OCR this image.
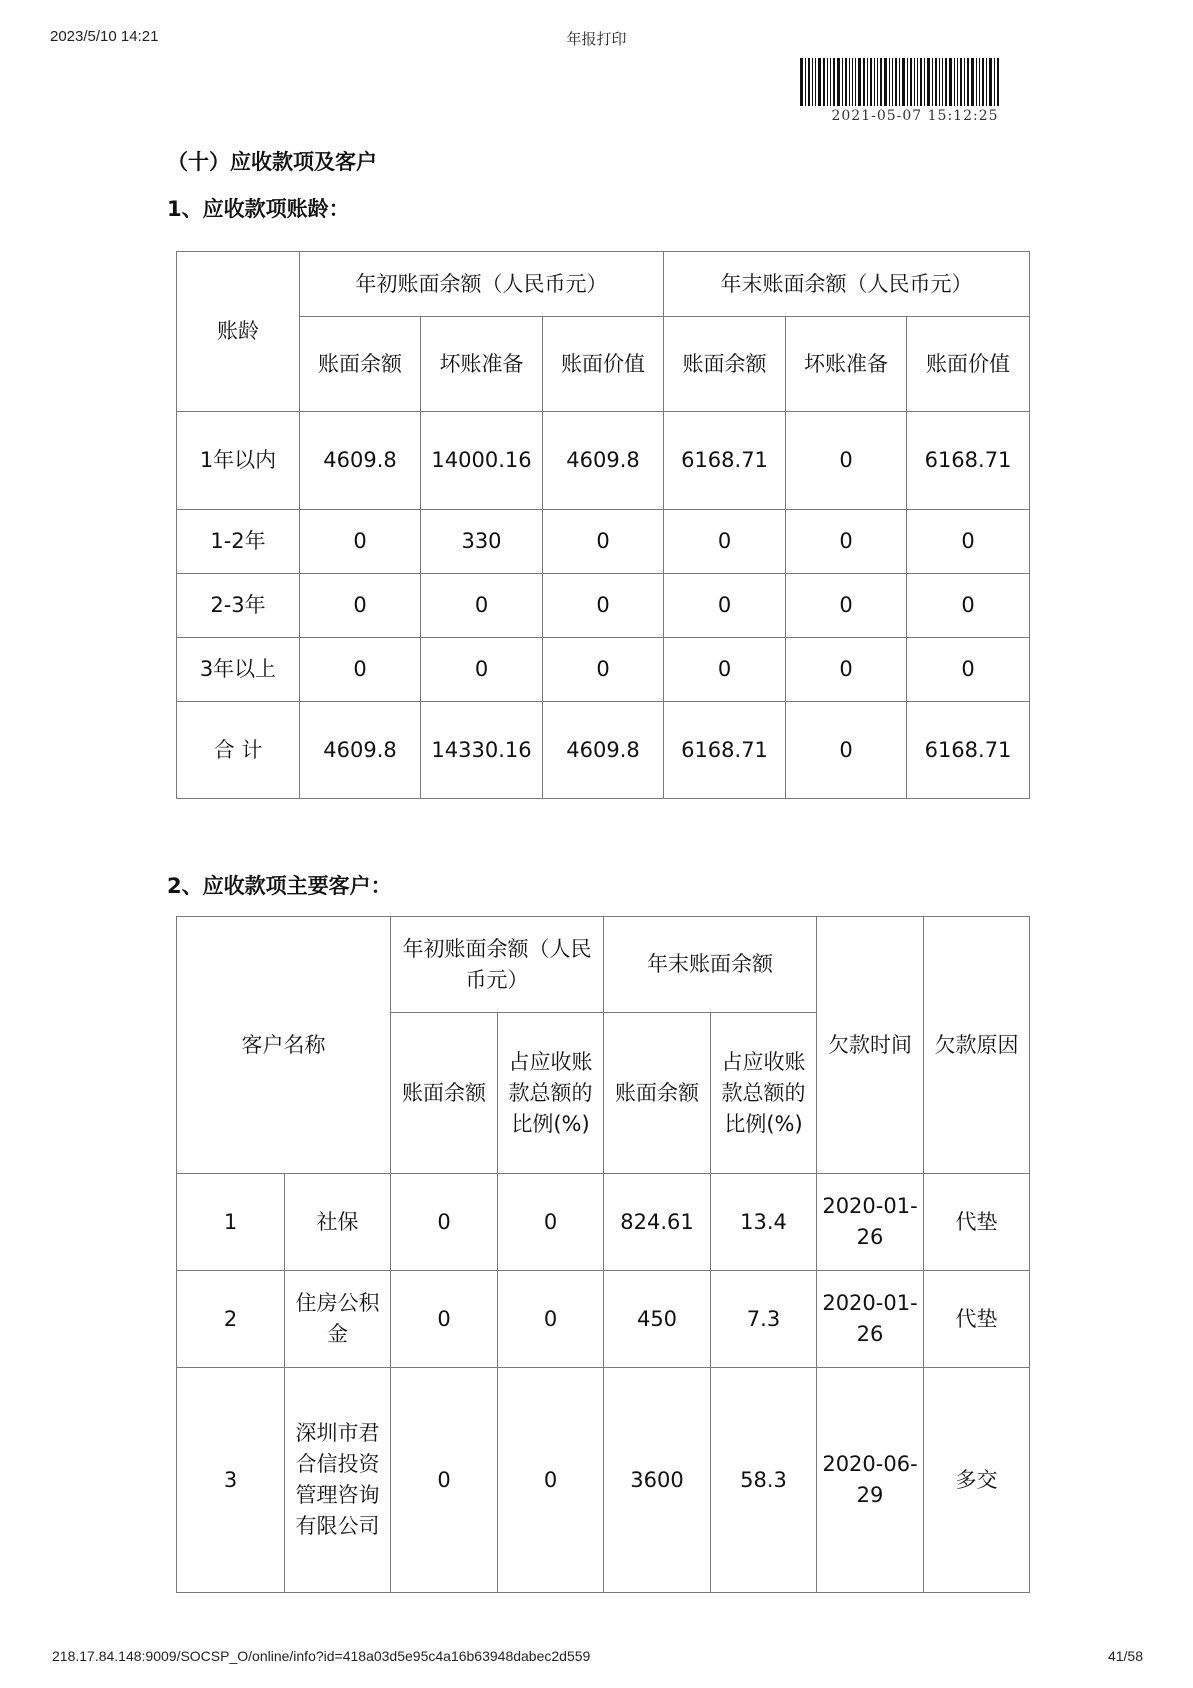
2023/5/10 14:21	年报打印
2021-05-07 15:12:25
（十）应收款项及客户
1、应收款项账龄：
账龄	年初账面余额（人民币元）			年末账面余额（人民币元）		
	账面余额	坏账准备	账面价值	账面余额	坏账准备	账面价值
1年以内	4609.8	14000.16	4609.8	6168.71	0	6168.71
1-2年	0	330	0	0	0	0
2-3年	0	0	0	0	0	0
3年以上	0	0	0	0	0	0
合 计	4609.8	14330.16	4609.8	6168.71	0	6168.71
2、应收款项主要客户：
客户名称		年初账面余额（人民币元）		年末账面余额		欠款时间	欠款原因
		账面余额	占应收账款总额的比例(%)	账面余额	占应收账款总额的比例(%)		
1	社保	0	0	824.61	13.4	2020-01-26	代垫
2	住房公积金	0	0	450	7.3	2020-01-26	代垫
3	深圳市君合信投资管理咨询有限公司	0	0	3600	58.3	2020-06-29	多交
218.17.84.148:9009/SOCSP_O/online/info?id=418a03d5e95c4a16b63948dabec2d559	41/58
